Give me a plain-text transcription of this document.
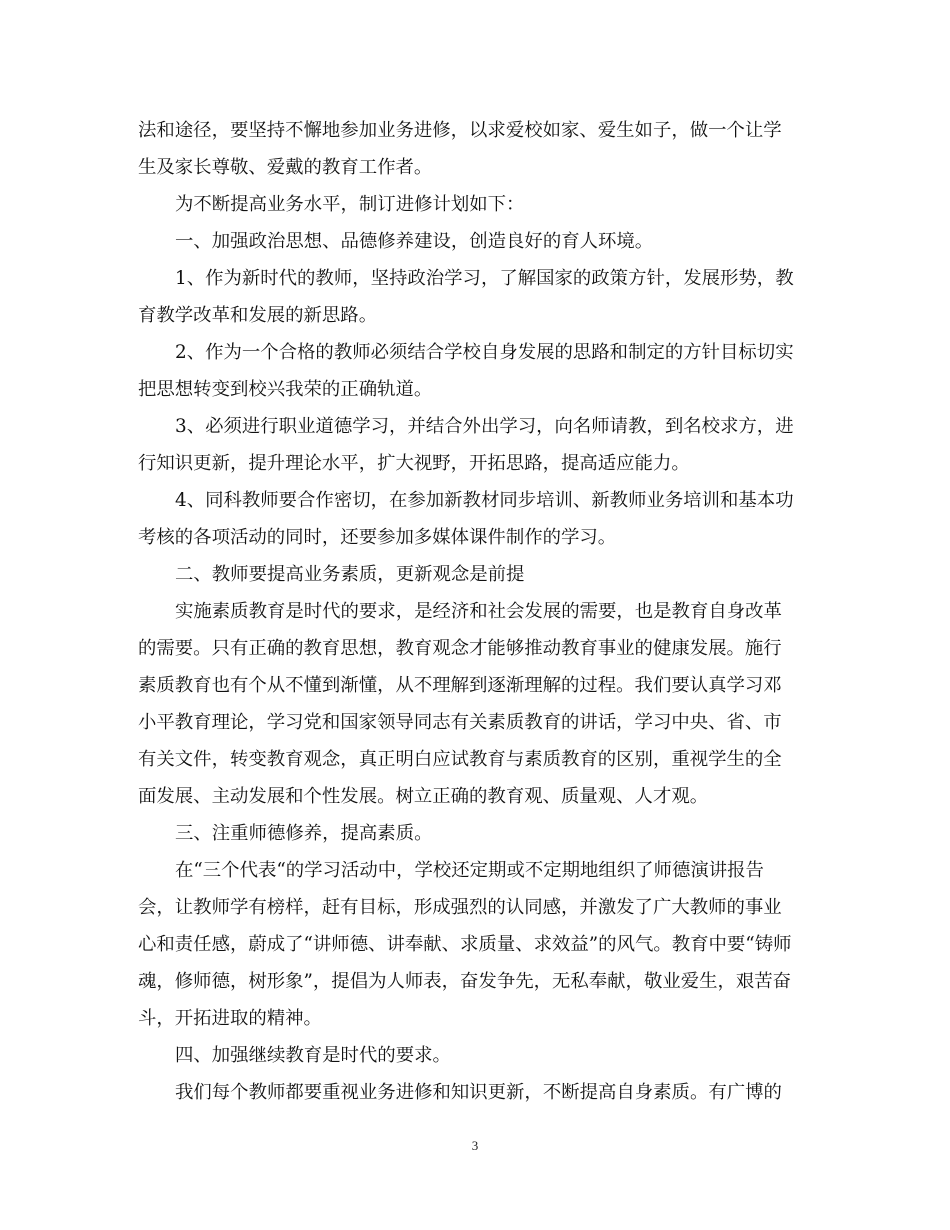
法和途径，要坚持不懈地参加业务进修，以求爱校如家、爱生如子，做一个让学
生及家长尊敬、爱戴的教育工作者。
为不断提高业务水平，制订进修计划如下：
一、加强政治思想、品德修养建设，创造良好的育人环境。
1、作为新时代的教师，坚持政治学习，了解国家的政策方针，发展形势，教
育教学改革和发展的新思路。
2、作为一个合格的教师必须结合学校自身发展的思路和制定的方针目标切实
把思想转变到校兴我荣的正确轨道。
3、必须进行职业道德学习，并结合外出学习，向名师请教，到名校求方，进
行知识更新，提升理论水平，扩大视野，开拓思路，提高适应能力。
4、同科教师要合作密切，在参加新教材同步培训、新教师业务培训和基本功
考核的各项活动的同时，还要参加多媒体课件制作的学习。
二、教师要提高业务素质，更新观念是前提
实施素质教育是时代的要求，是经济和社会发展的需要，也是教育自身改革
的需要。只有正确的教育思想，教育观念才能够推动教育事业的健康发展。施行
素质教育也有个从不懂到渐懂，从不理解到逐渐理解的过程。我们要认真学习邓
小平教育理论，学习党和国家领导同志有关素质教育的讲话，学习中央、省、市
有关文件，转变教育观念，真正明白应试教育与素质教育的区别，重视学生的全
面发展、主动发展和个性发展。树立正确的教育观、质量观、人才观。
三、注重师德修养，提高素质。
在“三个代表“的学习活动中，学校还定期或不定期地组织了师德演讲报告
会，让教师学有榜样，赶有目标，形成强烈的认同感，并激发了广大教师的事业
心和责任感，蔚成了“讲师德、讲奉献、求质量、求效益”的风气。教育中要“铸师
魂，修师德，树形象”，提倡为人师表，奋发争先，无私奉献，敬业爱生，艰苦奋
斗，开拓进取的精神。
四、加强继续教育是时代的要求。
我们每个教师都要重视业务进修和知识更新，不断提高自身素质。有广博的
3
